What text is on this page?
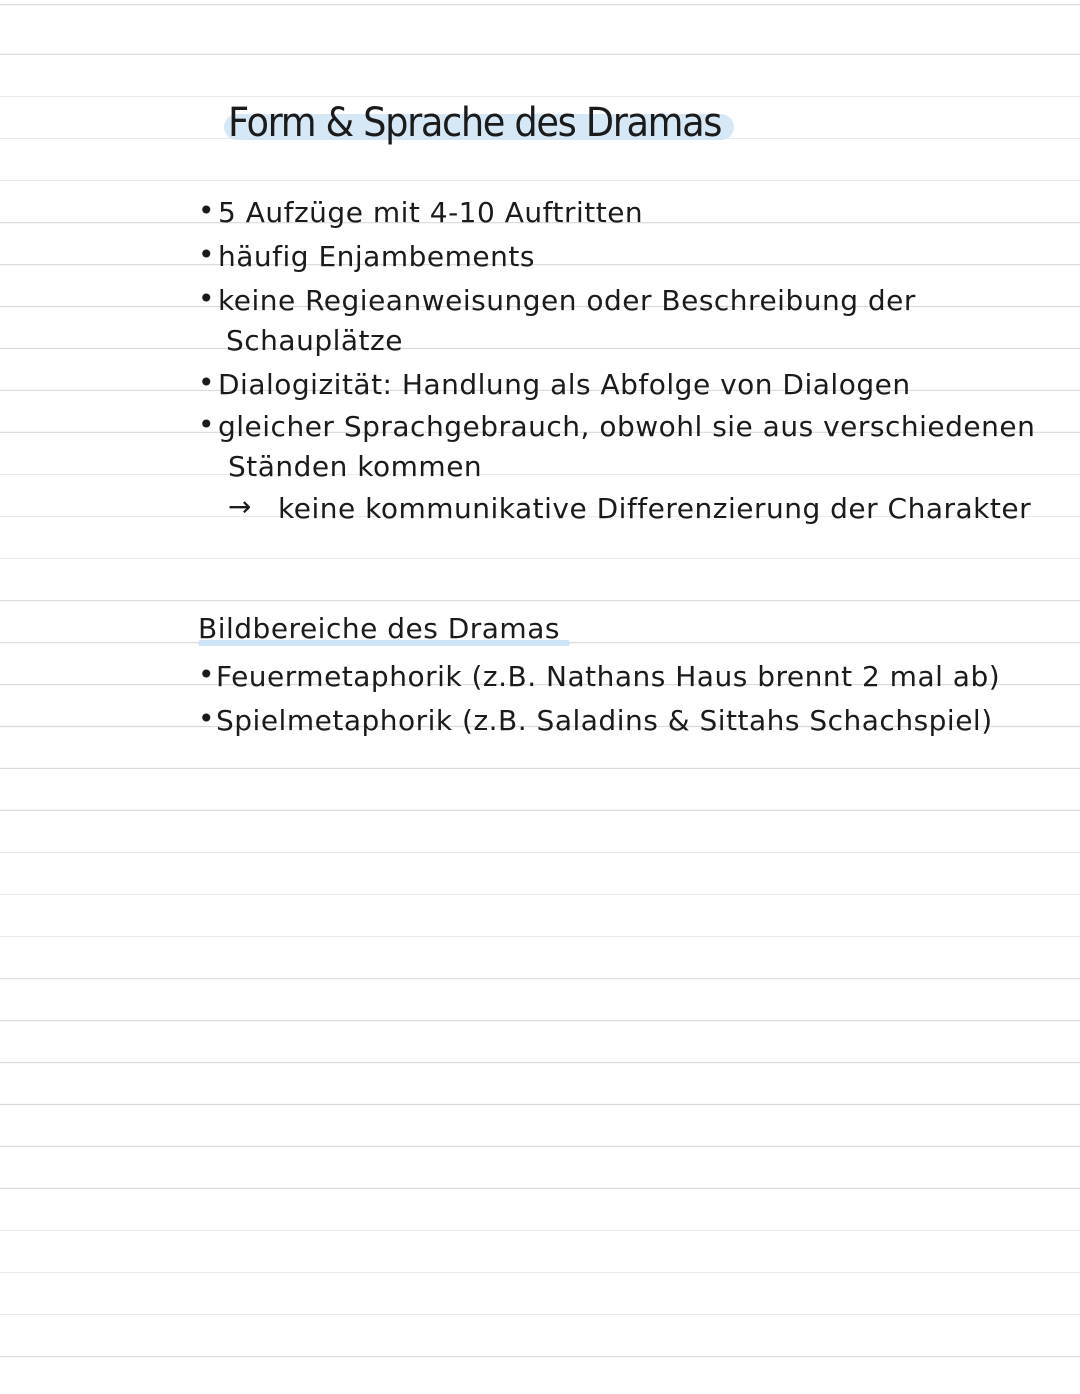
Form & Sprache des Dramas
• 5 Aufzüge mit 4-10 Auftritten
• häufig Enjambements
• keine Regieanweisungen oder Beschreibung der
Schauplätze
• Dialogizität: Handlung als Abfolge von Dialogen
• gleicher Sprachgebrauch, obwohl sie aus verschiedenen
Ständen kommen
→ keine kommunikative Differenzierung der Charakter
Bildbereiche des Dramas
• Feuermetaphorik (z.B. Nathans Haus brennt 2 mal ab)
• Spielmetaphorik (z.B. Saladins & Sittahs Schachspiel)
